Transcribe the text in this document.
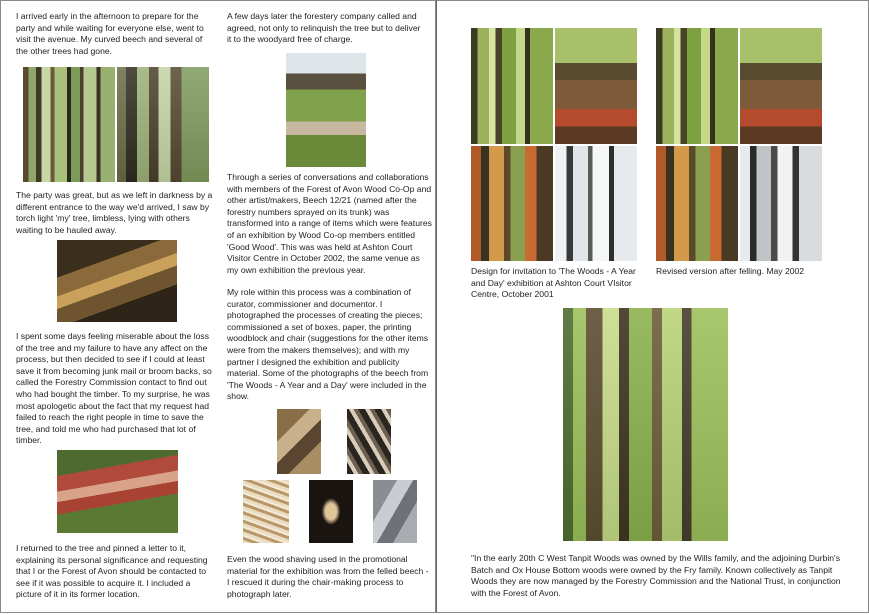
I arrived early in the afternoon to prepare for the party and while waiting for everyone else, went to visit the avenue. My curved beech and several of the other trees had gone.
The party was great, but as we left in darkness by a different entrance to the way we'd arrived, I saw by torch light 'my' tree, limbless, lying with others waiting to be hauled away.
I spent some days feeling miserable about the loss of the tree and my failure to have any affect on the process, but then decided to see if I could at least save it from becoming junk mail or broom backs, so called the Forestry Commission contact to find out who had bought the timber. To my surprise, he was most apologetic about the fact that my request had failed to reach the right people in time to save the tree, and told me who had purchased that lot of timber.
I returned to the tree and pinned a letter to it, explaining its personal significance and requesting that I or the Forest of Avon should be contacted to see if it was possible to acquire it. I included a picture of it in its former location.
A few days later the forestery company called and agreed, not only to relinquish the tree but to deliver it to the woodyard free of charge.
Through a series of conversations and collaborations with members of the Forest of Avon Wood Co-Op and other artist/makers, Beech 12/21 (named after the forestry numbers sprayed on its trunk) was transformed into a range of items which were features of an exhibition by Wood Co-op members entitled 'Good Wood'. This was was held at Ashton Court Visitor Centre in October 2002, the same venue as my own exhibition the previous year.
My role within this process was a combination of curator, commissioner and documentor. I photographed the processes of creating the pieces; commissioned a set of boxes, paper, the printing woodblock and chair (suggestions for the other items were from the makers themselves); and with my partner I designed the exhibition and publicity material. Some of the photographs of the beech from 'The Woods - A Year and a Day' were included in the show.
Even the wood shaving used in the promotional material for the exhibition was from the felled beech - I rescued it during the chair-making process to photograph later.
Design for invitation to 'The Woods - A Year and Day' exhibition at Ashton Court VIsitor Centre, October 2001
Revised version after felling. May 2002
"In the early 20th C West Tanpit Woods was owned by the Wills family, and the adjoining Durbin's Batch and Ox House Bottom woods were owned by the Fry family. Known collectively as Tanpit Woods they are now managed by the Forestry Commission and the National Trust, in conjunction with the Forest of Avon.
